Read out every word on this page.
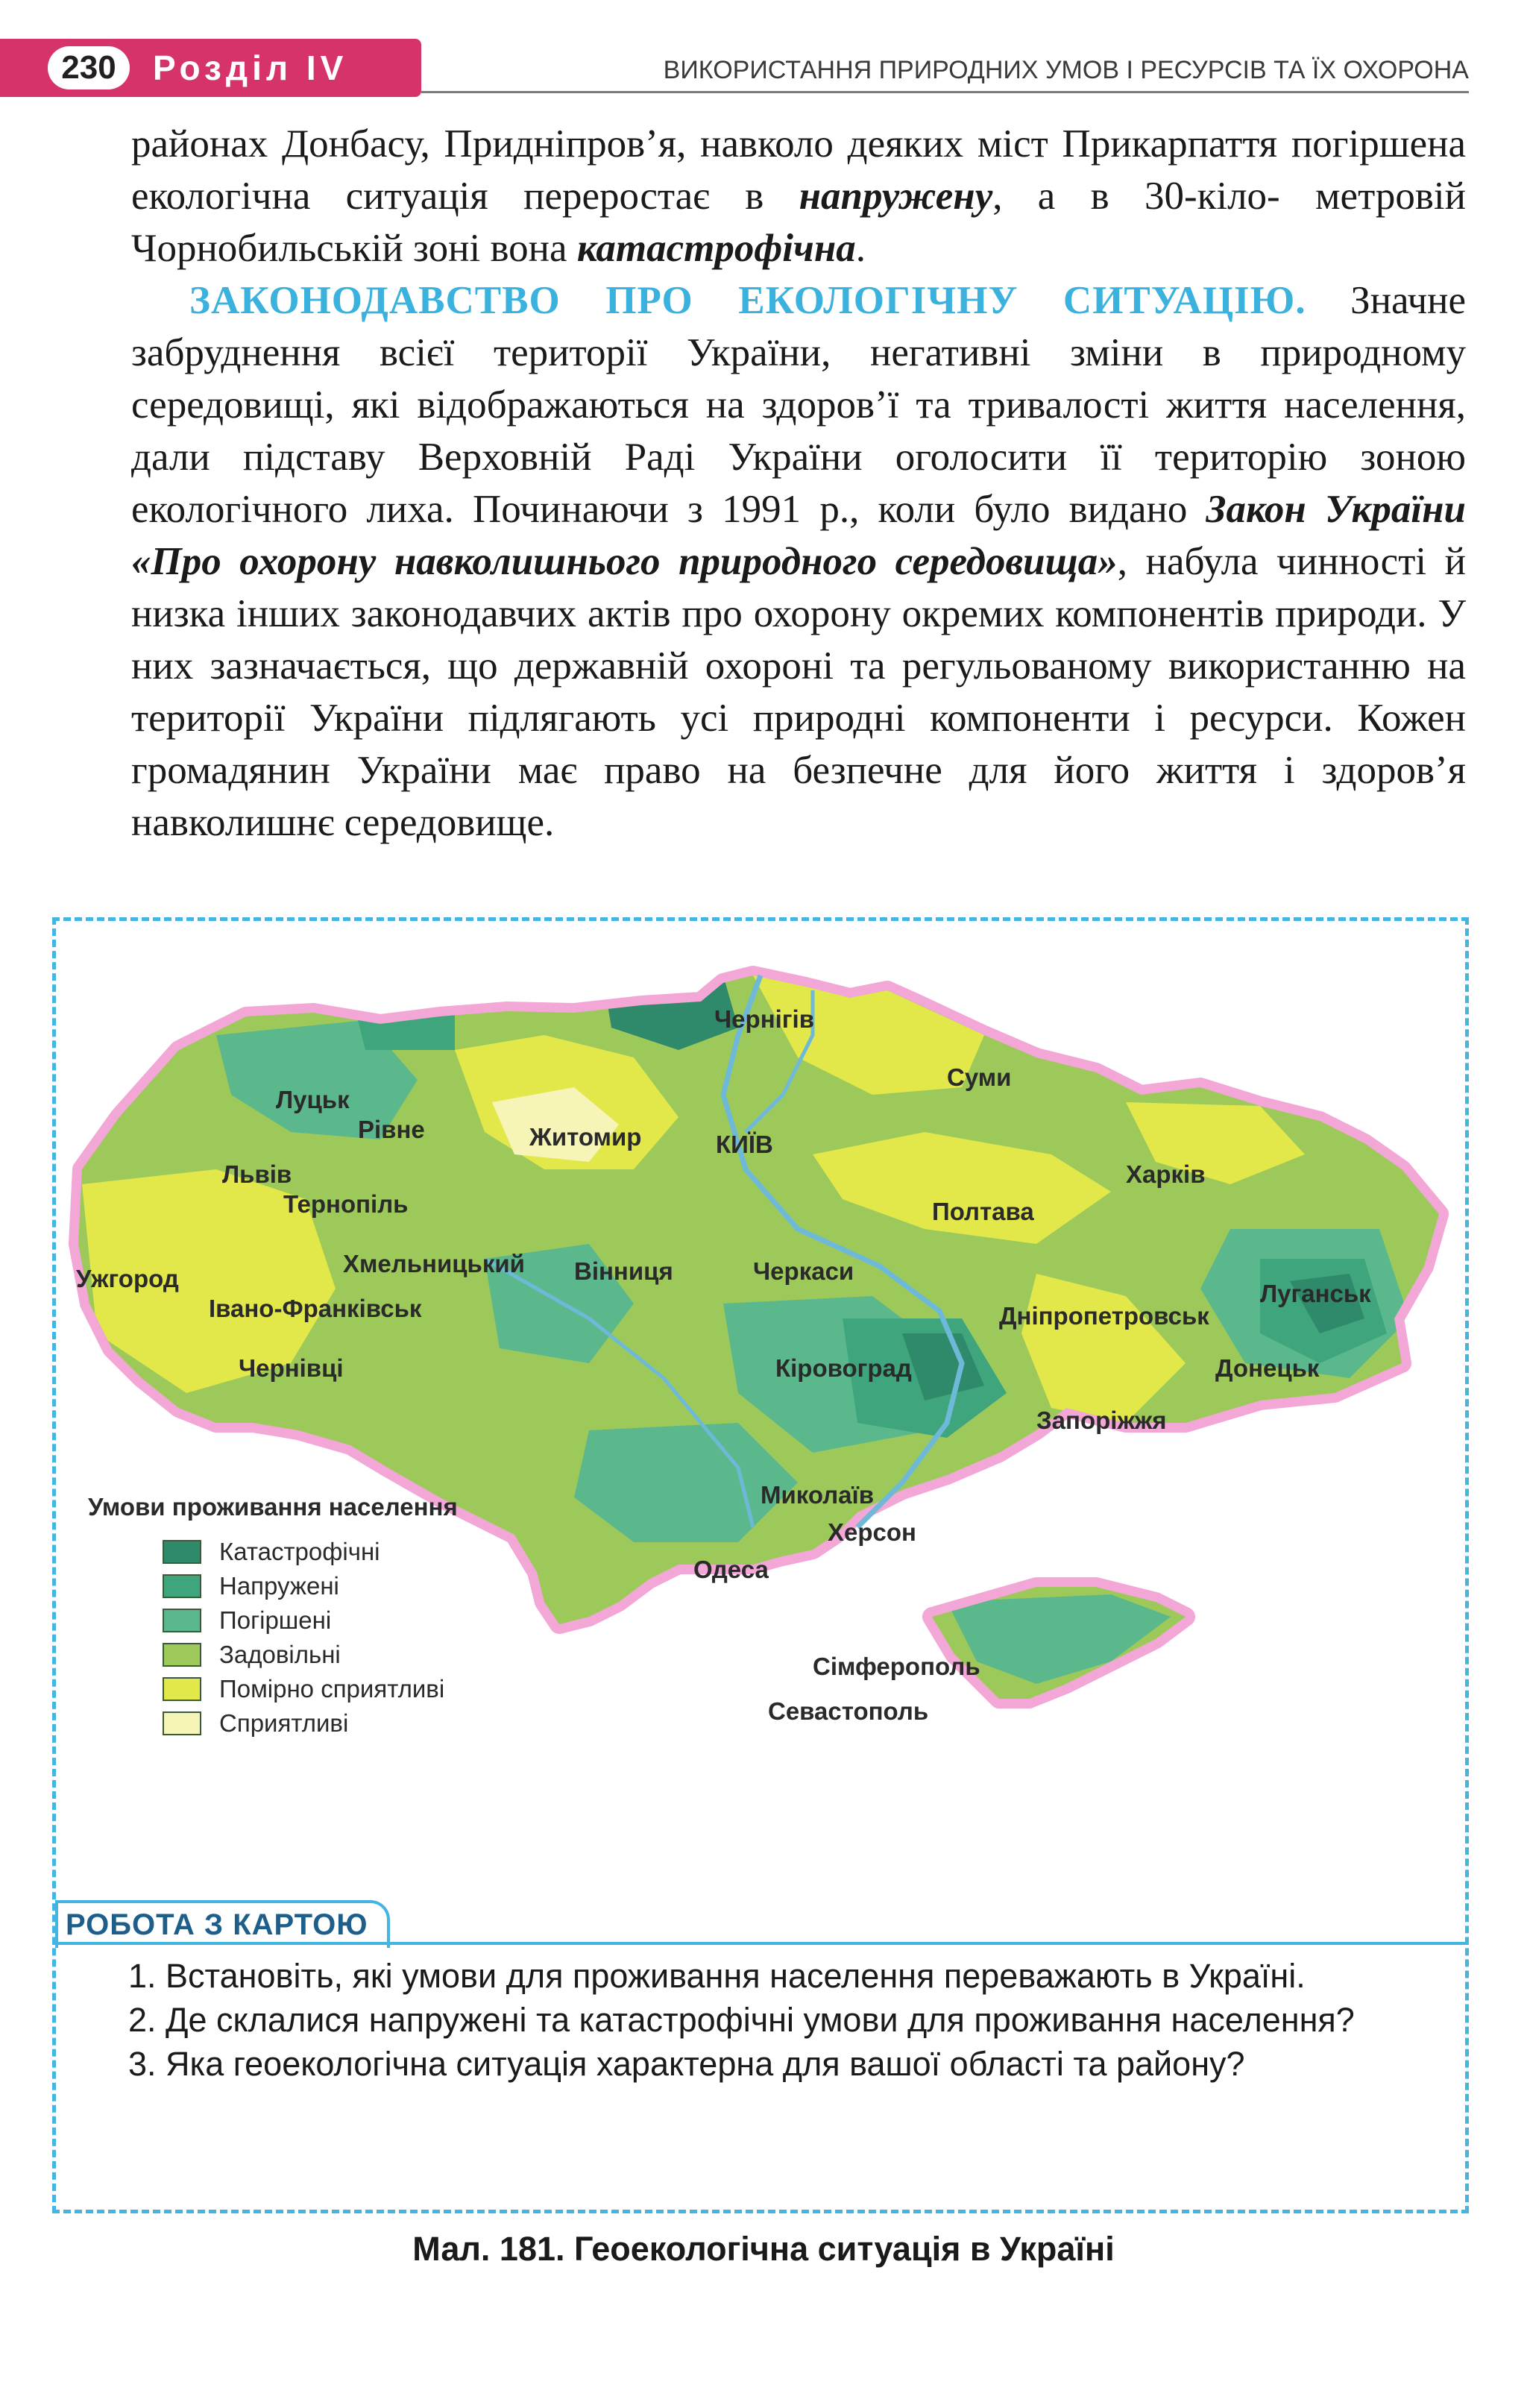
230	Розділ IV	ВИКОРИСТАННЯ ПРИРОДНИХ УМОВ І РЕСУРСІВ ТА ЇХ ОХОРОНА

районах Донбасу, Придніпров’я, навколо деяких міст Прикарпаття погіршена екологічна ситуація переростає в напружену, а в 30-кіло- метровій Чорнобильській зоні вона катастрофічна.

ЗАКОНОДАВСТВО ПРО ЕКОЛОГІЧНУ СИТУАЦІЮ. Значне забруднення всієї території України, негативні зміни в природному середовищі, які відображаються на здоров’ї та тривалості життя населення, дали підставу Верховній Раді України оголосити її територію зоною екологічного лиха. Починаючи з 1991 р., коли було видано Закон України «Про охорону навколишнього природного середовища», набула чинності й низка інших законодавчих актів про охорону окремих компонентів природи. У них зазначається, що державній охороні та регульованому використанню на території України підлягають усі природні компоненти і ресурси. Кожен громадянин України має право на безпечне для його життя і здоров’я навколишнє середовище.

Чернігів
Суми
Луцьк
Рівне	Житомир	КИЇВ
Львів
Тернопіль
Харків
Полтава
Хмельницький Вінниця	Черкаси
Ужгород
Івано-Франківськ
Луганськ
Дніпропетровськ
Чернівці	Кіровоград	Донецьк
Запоріжжя
Миколаїв
Херсон
Одеса
Сімферополь
Севастополь
Умови проживання населення
Катастрофічні
Напружені
Погіршені
Задовільні
Помірно сприятливі
Сприятливі
РОБОТА З КАРТОЮ

1. Встановіть, які умови для проживання населення переважають в Україні.

2. Де склалися напружені та катастрофічні умови для проживання населення?

3. Яка геоекологічна ситуація характерна для вашої області та району?

Мал. 181. Геоекологічна ситуація в Україні
